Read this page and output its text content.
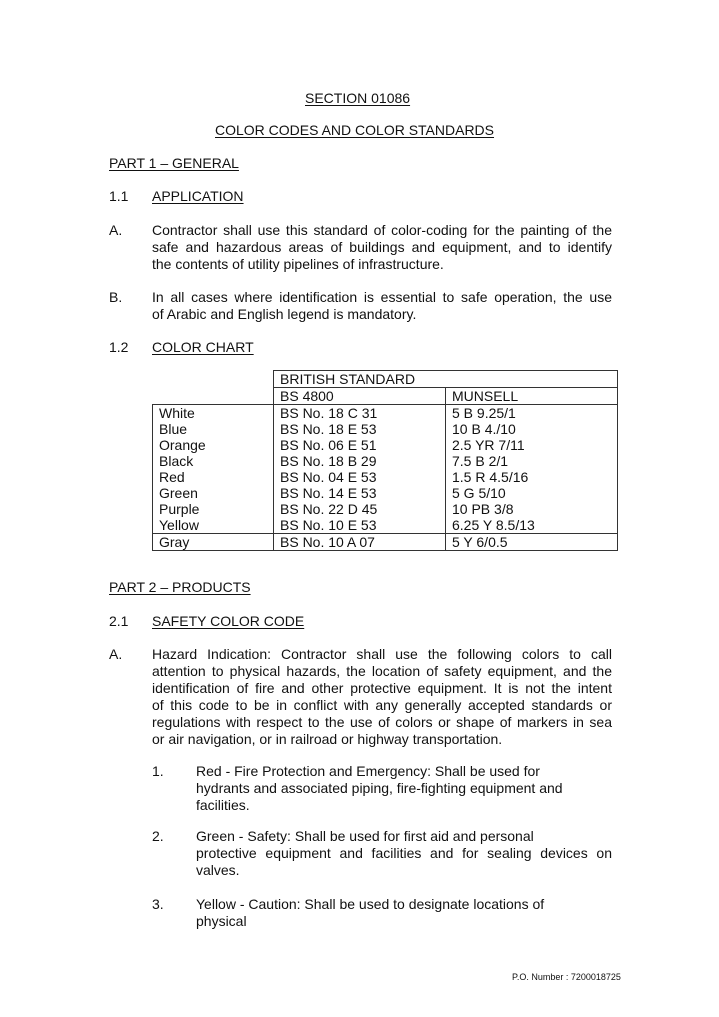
SECTION 01086
COLOR CODES AND COLOR STANDARDS
PART 1 – GENERAL
1.1 APPLICATION
A. Contractor shall use this standard of color-coding for the painting of the
safe and hazardous areas of buildings and equipment, and to identify
the contents of utility pipelines of infrastructure.
B. In all cases where identification is essential to safe operation, the use
of Arabic and English legend is mandatory.
1.2 COLOR CHART
	BRITISH STANDARD	
	BS 4800	MUNSELL
White	BS No. 18 C 31	5 B 9.25/1
Blue	BS No. 18 E 53	10 B 4./10
Orange	BS No. 06 E 51	2.5 YR 7/11
Black	BS No. 18 B 29	7.5 B 2/1
Red	BS No. 04 E 53	1.5 R 4.5/16
Green	BS No. 14 E 53	5 G 5/10
Purple	BS No. 22 D 45	10 PB 3/8
Yellow	BS No. 10 E 53	6.25 Y 8.5/13
Gray	BS No. 10 A 07	5 Y 6/0.5
PART 2 – PRODUCTS
2.1 SAFETY COLOR CODE
A. Hazard Indication: Contractor shall use the following colors to call
attention to physical hazards, the location of safety equipment, and the
identification of fire and other protective equipment. It is not the intent
of this code to be in conflict with any generally accepted standards or
regulations with respect to the use of colors or shape of markers in sea
or air navigation, or in railroad or highway transportation.
1. Red - Fire Protection and Emergency: Shall be used for
hydrants and associated piping, fire-fighting equipment and
facilities.
2. Green - Safety: Shall be used for first aid and personal
protective equipment and facilities and for sealing devices on
valves.
3. Yellow - Caution: Shall be used to designate locations of
physical
P.O. Number : 7200018725
